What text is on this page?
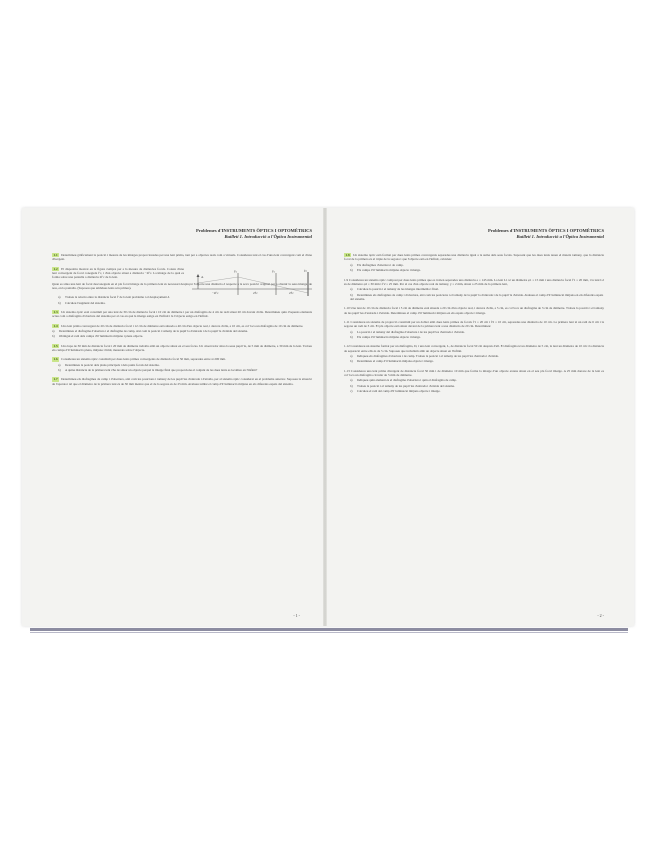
Problemes d'INSTRUMENTS ÒPTICS I OPTOMÈTRICS
Butlletí 1. Introducció a l'Òptica Instrumental

1.1 Determineu gràficament la posició i mesura de les imatges proporcionades per una lent prima, tant per a objectes reals com a virtuals. Considereu tant el cas d'una lent convergent com el d'una divergent.

1.2 El dispositiu mostrat en la figura s'empra per a la mesura de distàncies focals. Consta d'una lent convergent de focal coneguda f'c, i d'un objecte situat a distància −2f'c. La imatge de la qual es forma sobre una pantalla a distància 2f'c de la lent.	A
f'c	f'c	f'c
−2f'c	2f'c	2f'c

Quan es situa una lent de focal desconeguda en el pla focal imatge de la primera lent és necessari desplaçar l'objecte una distància δ respecte a la seva posició original per a obtenir la seua imatge, de nou, en la pantalla. (Suposeu que ambdues lents són primes).

a) Trobeu la relació entre la distància focal f' de la lent problema i el desplaçament δ.
b) Calculeu l'augment del sistema.

1.3 Un sistema òptic està constituït per una lent de 30 cm de distància focal i 10 cm de diàmetre i per un diafragma de 4 cm de radi situat 20 cm davant d'ella. Determineu quin d'aquests elements actua com a diafragma d'obertura del sistema per al cas en què la imatge estiga en l'infinit i la l'objecte estiga en l'infinit.

1.4 Una lent prima convergent de 20 cm de distància focal i 12 cm de diàmetre està situada a 40 cm d'un objecte real, i darrera d'ella, a 10 cm, es col·loca un diafragma de 10 cm de diàmetre.

a) Determineu el diafragma d'obertura i el diafragma de camp, així com la posició i tamany de la pupil·la d'entrada i de la pupil·la d'eixida del sistema.
b) Obtingui el radi dels camps d'il·luminació mitjana i plena objecte.

1.5 Una lupa de 30 mm de distància focal i 20 mm de diàmetre treballa amb un objecte situat en el seu focus. Un observador situa la seua pupil·la, de 5 mm de diàmetre, a 30 mm de la lent. Trobeu els camps d'il·luminació plena, mitjana i límit, mesurats sobre l'objecte.

1.6 Considereu un sistema òptic constituït per dues lents primes convergents de distància focal 50 mm, separades entre si 200 mm.

a) Determineu la posició dels plans principals i dels punts focals del sistema.
b) A quina distància de la primera lent s'ha de situar un objecte perquè la imatge final que proporciona el conjunt de les dues lents es localitze en l'infinit?

1.7 Determineu els diafragmes de camp i d'obertura, així com les posicions i tamany de les pupil·les d'entrada i d'eixida, per al sistema òptic considerat en el problema anterior. Suposeu la situació de l'aparator tal que el diàmetre de la primera lent és de 30 mm mentre que el de la segona és de 25 mm. Avalueu també el camp d'il·luminació mitjana en els diferents espais del sistema.

- 1 -
Problemes d'INSTRUMENTS ÒPTICS I OPTOMÈTRICS
Butlletí 1. Introducció a l'Òptica Instrumental

1.8 Un sistema òptic està format per dues lents primes convergents separades una distància igual a la suma dels seus focals. Suposant que les dues lents tenen el mateix tamany, que la distància focal de la primera és el triple de la segona i que l'objecte està en l'infinit, calculeu:

a) Els diafragmes d'obertura i de camp.
b) Els camps d'il·luminació mitjana objecte i imatge.

1.9 Considereu un sistema òptic compost per dues lents primes que es troben separades una distància e = 145 mm. La lent L1 té un diàmetre φ1 = 15 mm i una distància focal f'1 = 20 mm, i la lent L2 és de diàmetre φ2 = 30 mm i f'2 = 25 mm. Per al cas d'un objecte real de tamany, y = 2 mm, situat a 25 mm de la primera lent,

a) Calculeu la posició i el tamany de les imatges intermèdia i final.
b) Determineu els diafragmes de camp i d'obertura, així com les posicions i el tamany de la pupil·la d'entrada i de la pupil·la d'eixida. Avalueu el camp d'il·luminació mitjana en els diferents espais del sistema.

1.10 Una lent de 10 cm de distància focal i 5 cm de diàmetre està situada a 20 cm d'un objecte real, i darrera d'ella, a 5 cm, es col·loca un diafragma de 3 cm de diàmetre. Trobeu la posició i el tamany de les pupil·les d'entrada i d'eixida. Determineu el camp d'il·luminació mitjana en els espais objecte i imatge.

1.11 Considereu un sistema de projecció constituït per un doblet amb dues lents primes de focals f'1 = 20 cm i f'2 = 10 cm, separades una distància de 10 cm. La primera lent té un radi de 6 cm i la segona un radi de 3 cm. El pla objecte està situat davant de la primera lent a una distància de 20 cm. Determineu:

a) La posició i el tamany del diafragma d'obertura i de les pupil·les d'entrada i d'eixida.
b) Els camps d'il·luminació mitjana objecte i imatge.

1.12 Considereu un sistema format per un diafragma, D, i una lent convergent, L, de distància focal 50 cm després d'ell. El diafragma té un diàmetre de 5 cm, la lent un diàmetre de 10 cm i la distància de separació entre ells és de 5 cm. Suposeu que treballem amb un objecte situat en l'infinit.

a) Indiqueu els diafragmes d'obertura i de camp. Trobeu la posició i el tamany de les pupil·les d'entrada i d'eixida.
b) Determineu el camp d'il·luminació mitjana objecte i imatge.

1.13 Considereu una lent prima divergent de distància focal 50 mm i de diàmetre 10 mm que forma la imatge d'un objecte extens situat en el seu pla focal imatge. A 25 mm darrere de la lent es col·loca un diafragma circular de 5 mm de diàmetre.

a) Indiqueu quin element és el diafragma d'obertura i quin el diafragma de camp.
b) Trobeu la posició i el tamany de les pupil·les d'entrada i d'eixida del sistema.
c) Calculeu el radi del camp d'il·luminació mitjana objecte i imatge.
- 2 -
